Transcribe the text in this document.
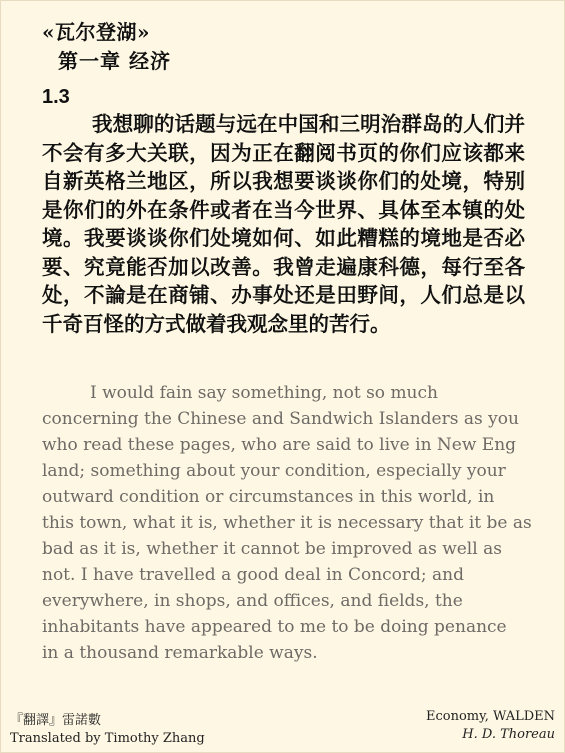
«瓦尔登湖»
第一章 经济
1.3

我想聊的话题与远在中国和三明治群岛的人们并不会有多大关联，因为正在翻阅书页的你们应该都来自新英格兰地区，所以我想要谈谈你们的处境，特别是你们的外在条件或者在当今世界、具体至本镇的处境。我要谈谈你们处境如何、如此糟糕的境地是否必要、究竟能否加以改善。我曾走遍康科德，每行至各处，不論是在商铺、办事处还是田野间，人们总是以千奇百怪的方式做着我观念里的苦行。

I would fain say something, not so much
concerning the Chinese and Sandwich Islanders as you
who read these pages, who are said to live in New Eng
land; something about your condition, especially your
outward condition or circumstances in this world, in
this town, what it is, whether it is necessary that it be as
bad as it is, whether it cannot be improved as well as
not. I have travelled a good deal in Concord; and
everywhere, in shops, and offices, and fields, the
inhabitants have appeared to me to be doing penance
in a thousand remarkable ways.

『翻譯』雷諾數
Translated by Timothy Zhang
Economy, WALDEN
H. D. Thoreau
